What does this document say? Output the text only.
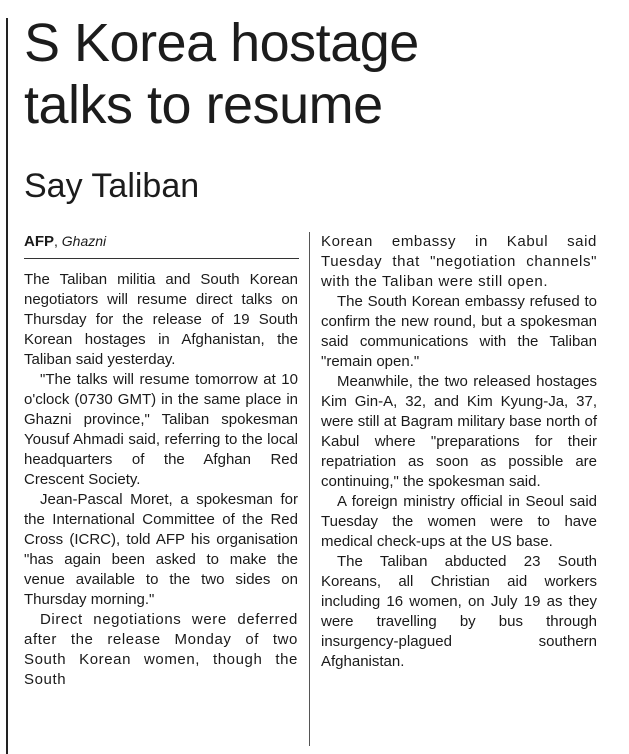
S Korea hostage
talks to resume
Say Taliban
AFP, Ghazni

The Taliban militia and South Korean negotiators will resume direct talks on Thursday for the release of 19 South Korean hostages in Afghanistan, the Taliban said yesterday.

"The talks will resume tomorrow at 10 o'clock (0730 GMT) in the same place in Ghazni province," Taliban spokesman Yousuf Ahmadi said, referring to the local headquarters of the Afghan Red Crescent Society.

Jean-Pascal Moret, a spokesman for the International Committee of the Red Cross (ICRC), told AFP his organisation "has again been asked to make the venue available to the two sides on Thursday morning."

Direct negotiations were deferred after the release Monday of two South Korean women, though the South

Korean embassy in Kabul said Tuesday that "negotiation channels" with the Taliban were still open.

The South Korean embassy refused to confirm the new round, but a spokesman said communications with the Taliban "remain open."

Meanwhile, the two released hostages Kim Gin-A, 32, and Kim Kyung-Ja, 37, were still at Bagram military base north of Kabul where "preparations for their repatriation as soon as possible are continuing," the spokesman said.

A foreign ministry official in Seoul said Tuesday the women were to have medical check-ups at the US base.

The Taliban abducted 23 South Koreans, all Christian aid workers including 16 women, on July 19 as they were travelling by bus through insurgency-plagued southern Afghanistan.
